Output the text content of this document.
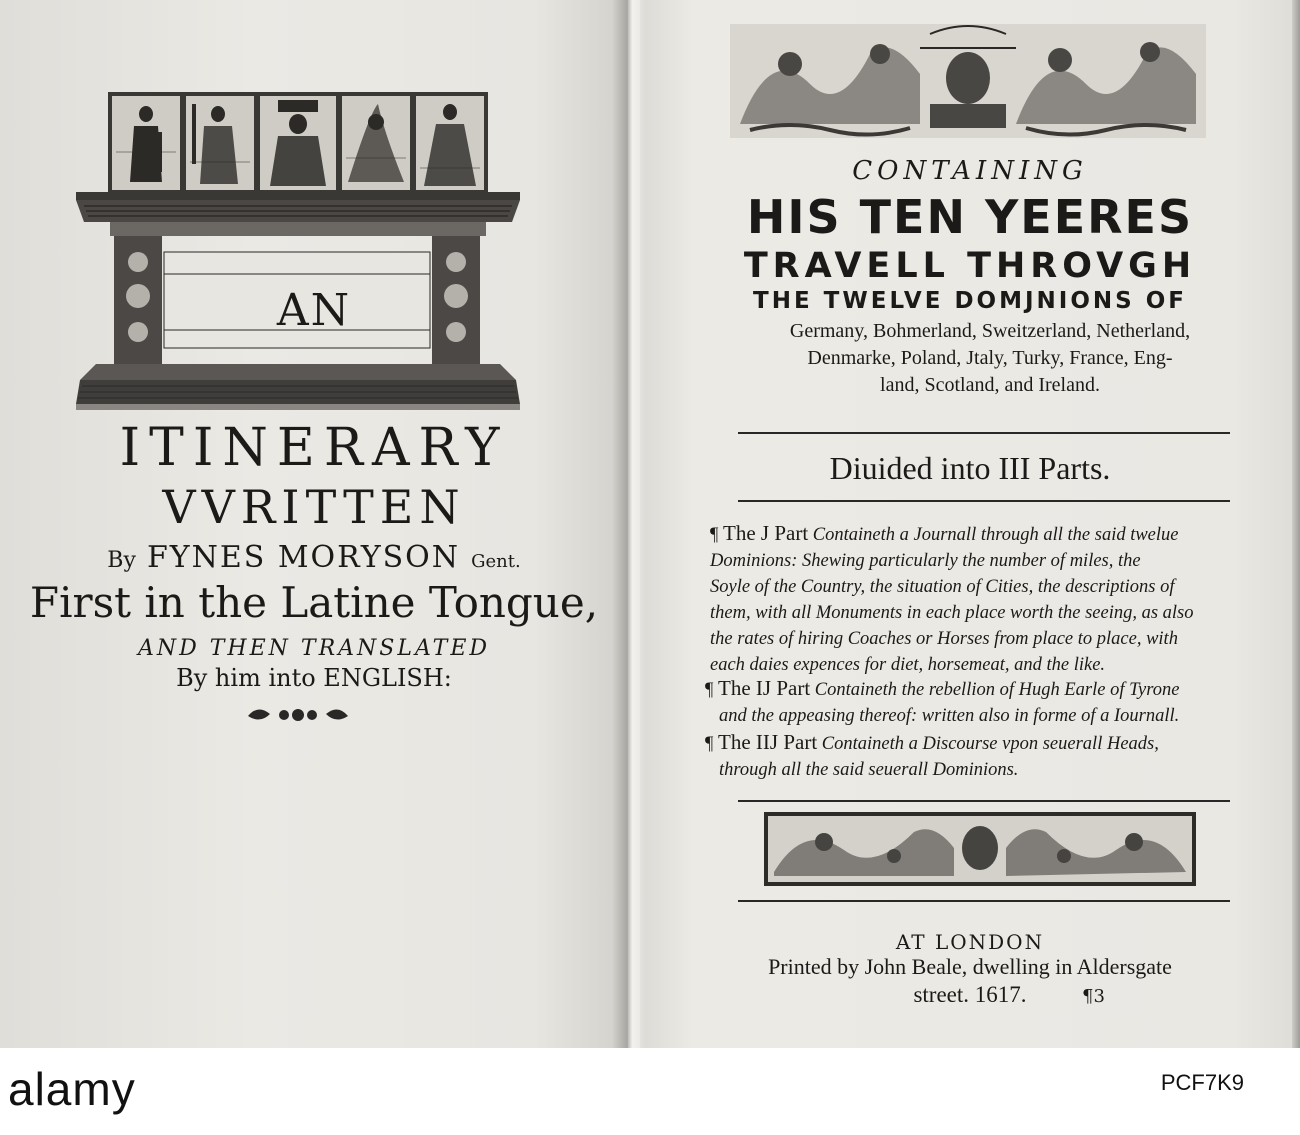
AN
ITINERARY
VVRITTEN
By FYNES MORYSON Gent.
First in the Latine Tongue,
AND THEN TRANSLATED
By him into ENGLISH:
CONTAINING
HIS TEN YEERES
TRAVELL THROVGH
THE TWELVE DOMJNIONS OF
Germany, Bohmerland, Sweitzerland, Netherland,
Denmarke, Poland, Jtaly, Turky, France, Eng-
land, Scotland, and Ireland.
Diuided into III Parts.
¶ The J Part Containeth a Journall through all the said twelue
Dominions: Shewing particularly the number of miles, the
Soyle of the Country, the situation of Cities, the descriptions of
them, with all Monuments in each place worth the seeing, as also
the rates of hiring Coaches or Horses from place to place, with
each daies expences for diet, horsemeat, and the like.
¶ The IJ Part Containeth the rebellion of Hugh Earle of Tyrone
and the appeasing thereof: written also in forme of a Iournall.
¶ The IIJ Part Containeth a Discourse vpon seuerall Heads,
through all the said seuerall Dominions.
AT LONDON
Printed by John Beale, dwelling in Aldersgate
street. 1617.	¶3
alamy	PCF7K9
